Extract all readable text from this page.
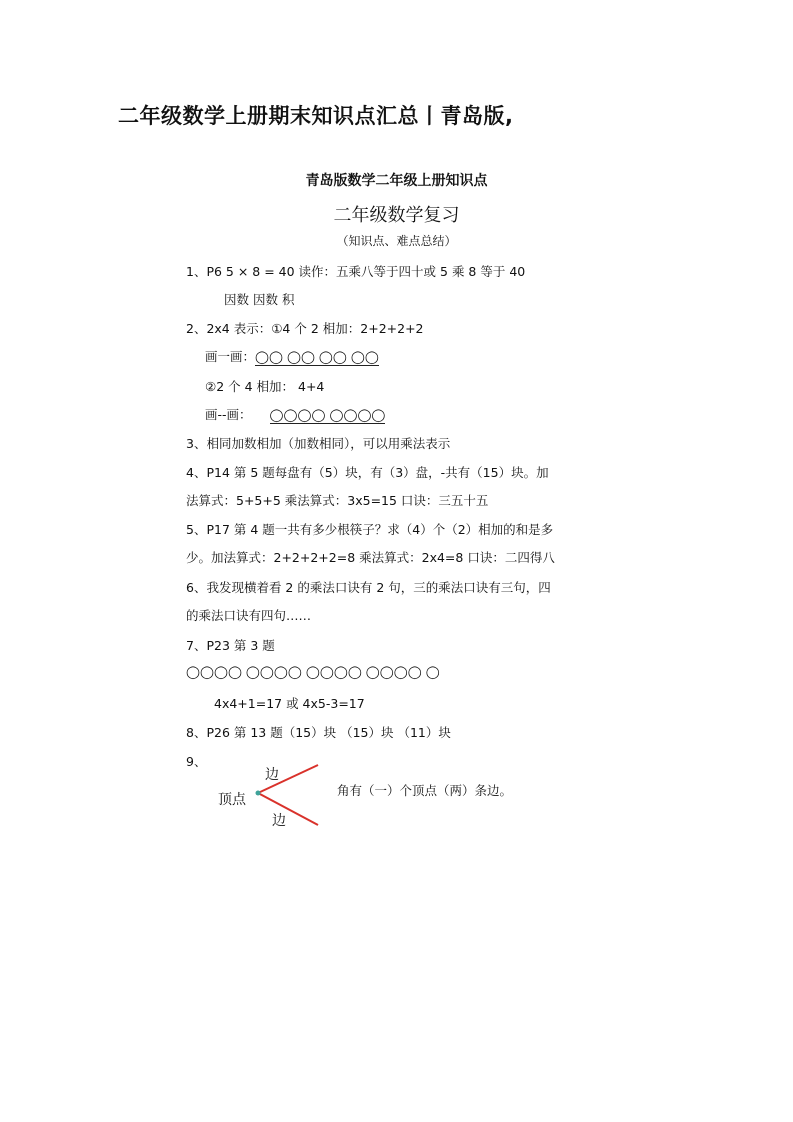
二年级数学上册期末知识点汇总丨青岛版,
青岛版数学二年级上册知识点
二年级数学复习
（知识点、难点总结）
1、P6 5 × 8 = 40 读作：五乘八等于四十或 5 乘 8 等于 40
因数 因数 积
2、2x4 表示：①4 个 2 相加：2+2+2+2
画一画：◯◯ ◯◯ ◯◯ ◯◯
②2 个 4 相加： 4+4
画--画： ◯◯◯◯ ◯◯◯◯
3、相同加数相加（加数相同），可以用乘法表示
4、P14 第 5 题每盘有（5）块，有（3）盘，-共有（15）块。加
法算式：5+5+5 乘法算式：3x5=15 口诀：三五十五
5、P17 第 4 题一共有多少根筷子？求（4）个（2）相加的和是多
少。加法算式：2+2+2+2=8 乘法算式：2x4=8 口诀：二四得八
6、我发现横着看 2 的乘法口诀有 2 句，三的乘法口诀有三句，四
的乘法口诀有四句……
7、P23 第 3 题
◯◯◯◯ ◯◯◯◯ ◯◯◯◯ ◯◯◯◯ ◯
4x4+1=17 或 4x5-3=17
8、P26 第 13 题（15）块 （15）块 （11）块
9、
顶点
边
边
角有（一）个顶点（两）条边。
